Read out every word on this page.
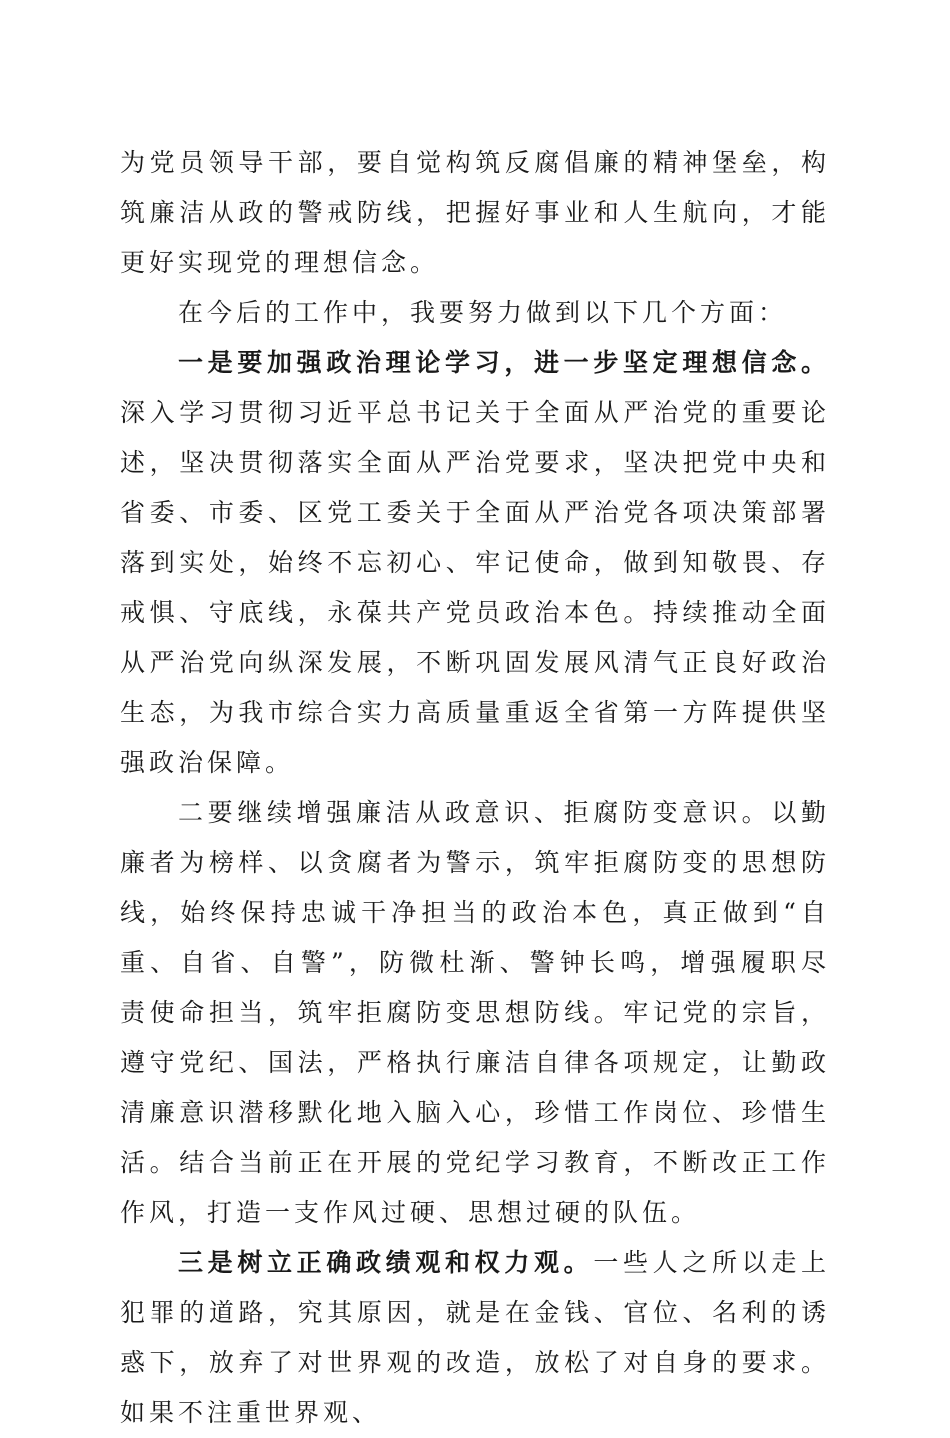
为党员领导干部，要自觉构筑反腐倡廉的精神堡垒，构筑廉洁从政的警戒防线，把握好事业和人生航向，才能更好实现党的理想信念。

在今后的工作中，我要努力做到以下几个方面：

一是要加强政治理论学习，进一步坚定理想信念。深入学习贯彻习近平总书记关于全面从严治党的重要论述，坚决贯彻落实全面从严治党要求，坚决把党中央和省委、市委、区党工委关于全面从严治党各项决策部署落到实处，始终不忘初心、牢记使命，做到知敬畏、存戒惧、守底线，永葆共产党员政治本色。持续推动全面从严治党向纵深发展，不断巩固发展风清气正良好政治生态，为我市综合实力高质量重返全省第一方阵提供坚强政治保障。

二要继续增强廉洁从政意识、拒腐防变意识。以勤廉者为榜样、以贪腐者为警示，筑牢拒腐防变的思想防线，始终保持忠诚干净担当的政治本色，真正做到“自重、自省、自警”，防微杜渐、警钟长鸣，增强履职尽责使命担当，筑牢拒腐防变思想防线。牢记党的宗旨，遵守党纪、国法，严格执行廉洁自律各项规定，让勤政清廉意识潜移默化地入脑入心，珍惜工作岗位、珍惜生活。结合当前正在开展的党纪学习教育，不断改正工作作风，打造一支作风过硬、思想过硬的队伍。

三是树立正确政绩观和权力观。一些人之所以走上犯罪的道路，究其原因，就是在金钱、官位、名利的诱惑下，放弃了对世界观的改造，放松了对自身的要求。如果不注重世界观、
